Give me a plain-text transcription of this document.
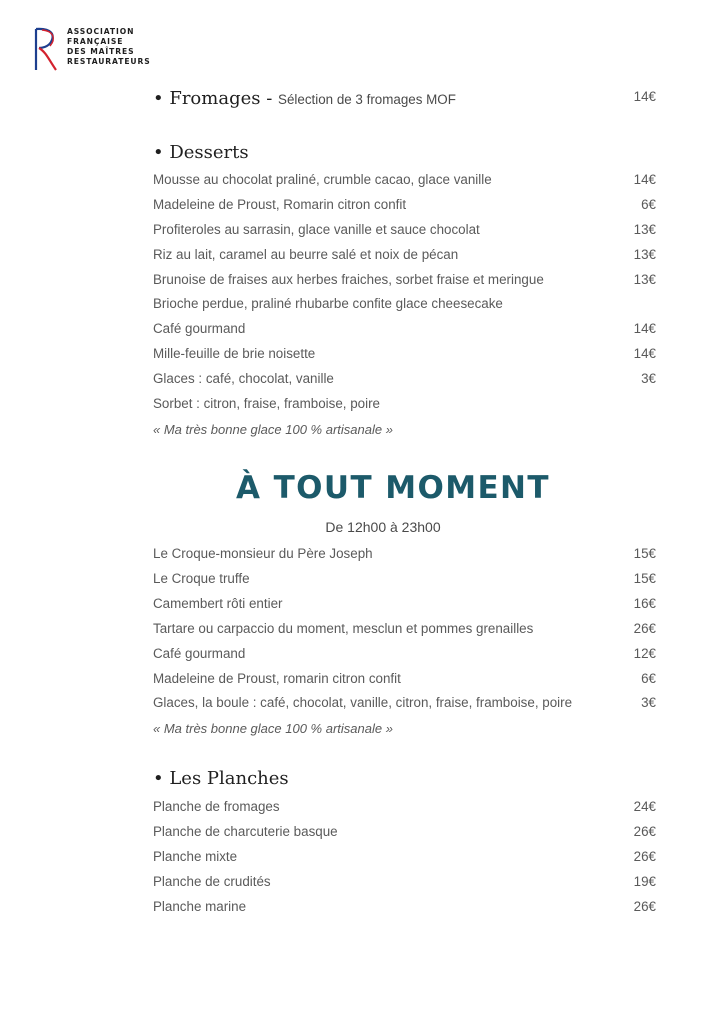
ASSOCIATION
FRANÇAISE
DES MAÎTRES
RESTAURATEURS
• Fromages - Sélection de 3 fromages MOF	14€
• Desserts
Mousse au chocolat praliné, crumble cacao, glace vanille	14€
Madeleine de Proust, Romarin citron confit	6€
Profiteroles au sarrasin, glace vanille et sauce chocolat	13€
Riz au lait, caramel au beurre salé et noix de pécan	13€
Brunoise de fraises aux herbes fraiches, sorbet fraise et meringue	13€
Brioche perdue, praliné rhubarbe confite glace cheesecake
Café gourmand	14€
Mille-feuille de brie noisette	14€
Glaces : café, chocolat, vanille	3€
Sorbet : citron, fraise, framboise, poire
« Ma très bonne glace 100 % artisanale »
À TOUT MOMENT
De 12h00 à 23h00
Le Croque-monsieur du Père Joseph	15€
Le Croque truffe	15€
Camembert rôti entier	16€
Tartare ou carpaccio du moment, mesclun et pommes grenailles	26€
Café gourmand	12€
Madeleine de Proust, romarin citron confit	6€
Glaces, la boule : café, chocolat, vanille, citron, fraise, framboise, poire	3€
« Ma très bonne glace 100 % artisanale »
• Les Planches
Planche de fromages	24€
Planche de charcuterie basque	26€
Planche mixte	26€
Planche de crudités	19€
Planche marine	26€
